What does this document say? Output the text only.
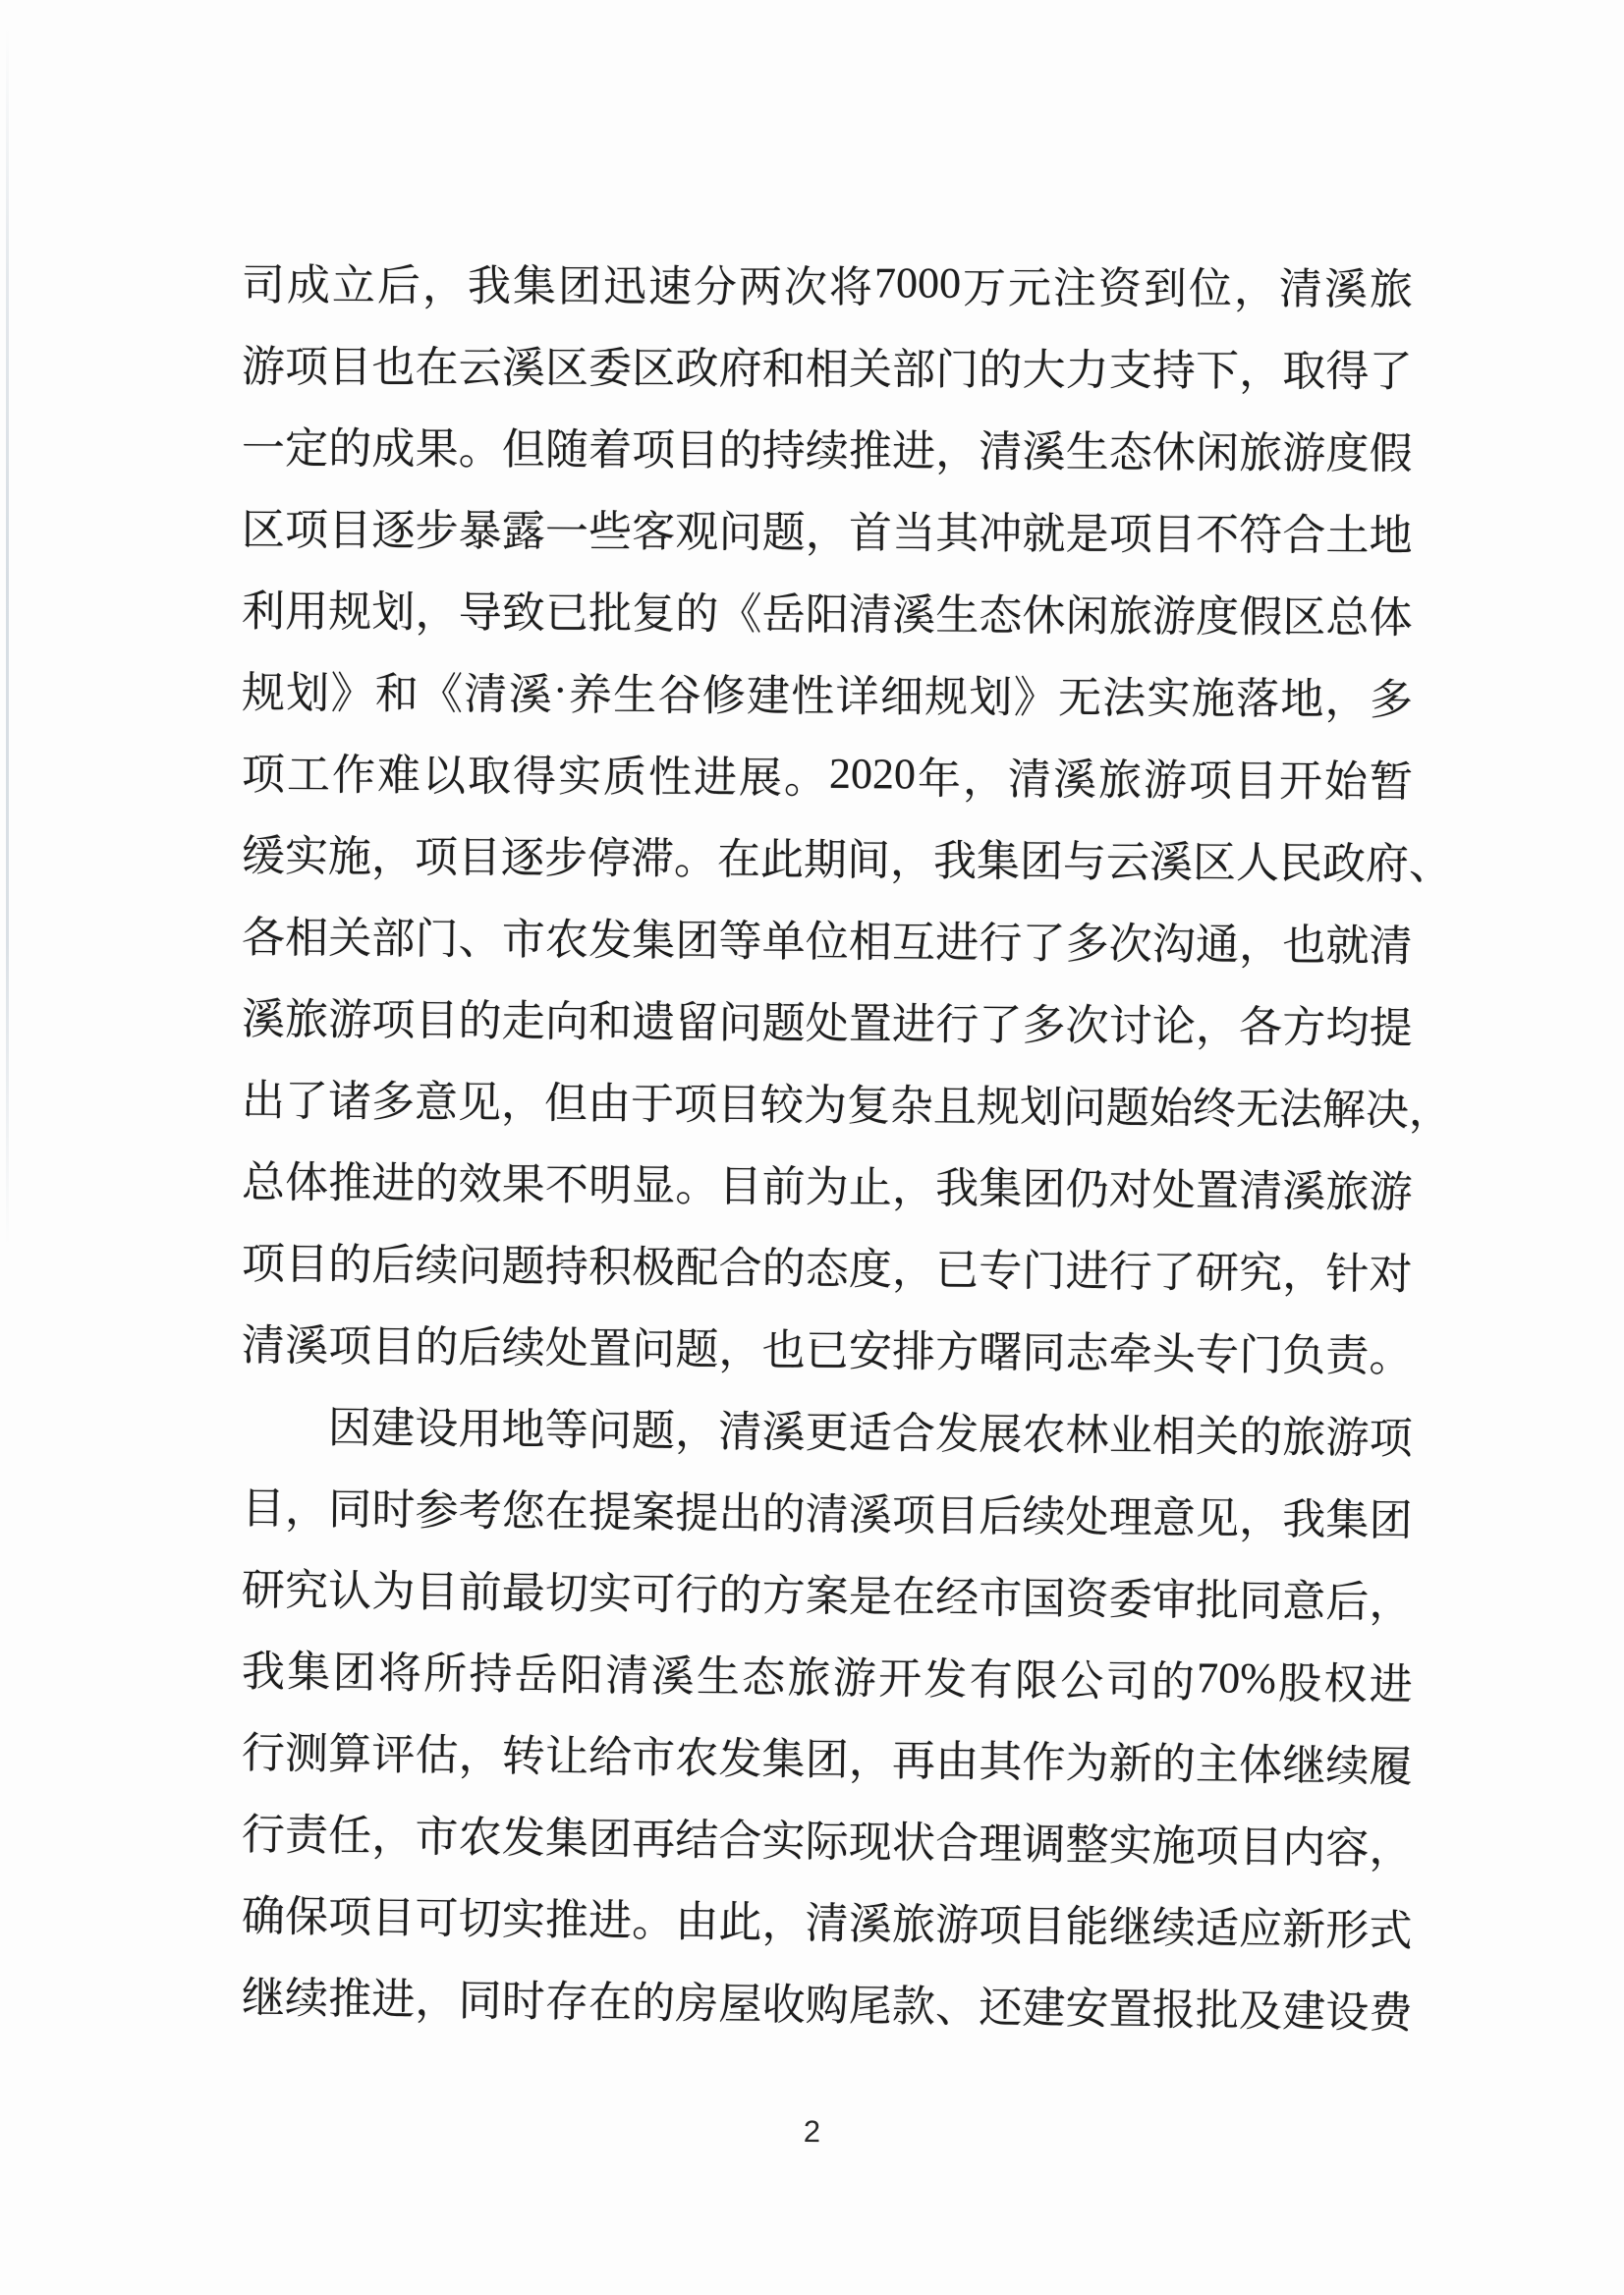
司 成 立 后 ， 我 集 团 迅 速 分 两 次 将 7000 万 元 注 资 到 位 ， 清 溪 旅
游 项 目 也 在 云 溪 区 委 区 政 府 和 相 关 部 门 的 大 力 支 持 下 ， 取 得 了
一 定 的 成 果 。 但 随 着 项 目 的 持 续 推 进 ， 清 溪 生 态 休 闲 旅 游 度 假
区 项 目 逐 步 暴 露 一 些 客 观 问 题 ， 首 当 其 冲 就 是 项 目 不 符 合 土 地
利 用 规 划 ， 导 致 已 批 复 的 《 岳 阳 清 溪 生 态 休 闲 旅 游 度 假 区 总 体
规 划 》 和 《 清 溪 · 养 生 谷 修 建 性 详 细 规 划 》 无 法 实 施 落 地 ， 多
项 工 作 难 以 取 得 实 质 性 进 展 。 2020 年 ， 清 溪 旅 游 项 目 开 始 暂
缓 实 施 ， 项 目 逐 步 停 滞 。 在 此 期 间 ， 我 集 团 与 云 溪 区 人 民 政 府 、
各 相 关 部 门 、 市 农 发 集 团 等 单 位 相 互 进 行 了 多 次 沟 通 ， 也 就 清
溪 旅 游 项 目 的 走 向 和 遗 留 问 题 处 置 进 行 了 多 次 讨 论 ， 各 方 均 提
出 了 诸 多 意 见 ， 但 由 于 项 目 较 为 复 杂 且 规 划 问 题 始 终 无 法 解 决 ，
总 体 推 进 的 效 果 不 明 显 。 目 前 为 止 ， 我 集 团 仍 对 处 置 清 溪 旅 游
项 目 的 后 续 问 题 持 积 极 配 合 的 态 度 ， 已 专 门 进 行 了 研 究 ， 针 对
清 溪 项 目 的 后 续 处 置 问 题 ， 也 已 安 排 方 曙 同 志 牵 头 专 门 负 责 。
因 建 设 用 地 等 问 题 ， 清 溪 更 适 合 发 展 农 林 业 相 关 的 旅 游 项
目 ， 同 时 参 考 您 在 提 案 提 出 的 清 溪 项 目 后 续 处 理 意 见 ， 我 集 团
研 究 认 为 目 前 最 切 实 可 行 的 方 案 是 在 经 市 国 资 委 审 批 同 意 后 ，
我 集 团 将 所 持 岳 阳 清 溪 生 态 旅 游 开 发 有 限 公 司 的 70% 股 权 进
行 测 算 评 估 ， 转 让 给 市 农 发 集 团 ， 再 由 其 作 为 新 的 主 体 继 续 履
行 责 任 ， 市 农 发 集 团 再 结 合 实 际 现 状 合 理 调 整 实 施 项 目 内 容 ，
确 保 项 目 可 切 实 推 进 。 由 此 ， 清 溪 旅 游 项 目 能 继 续 适 应 新 形 式
继 续 推 进 ， 同 时 存 在 的 房 屋 收 购 尾 款 、 还 建 安 置 报 批 及 建 设 费
2
